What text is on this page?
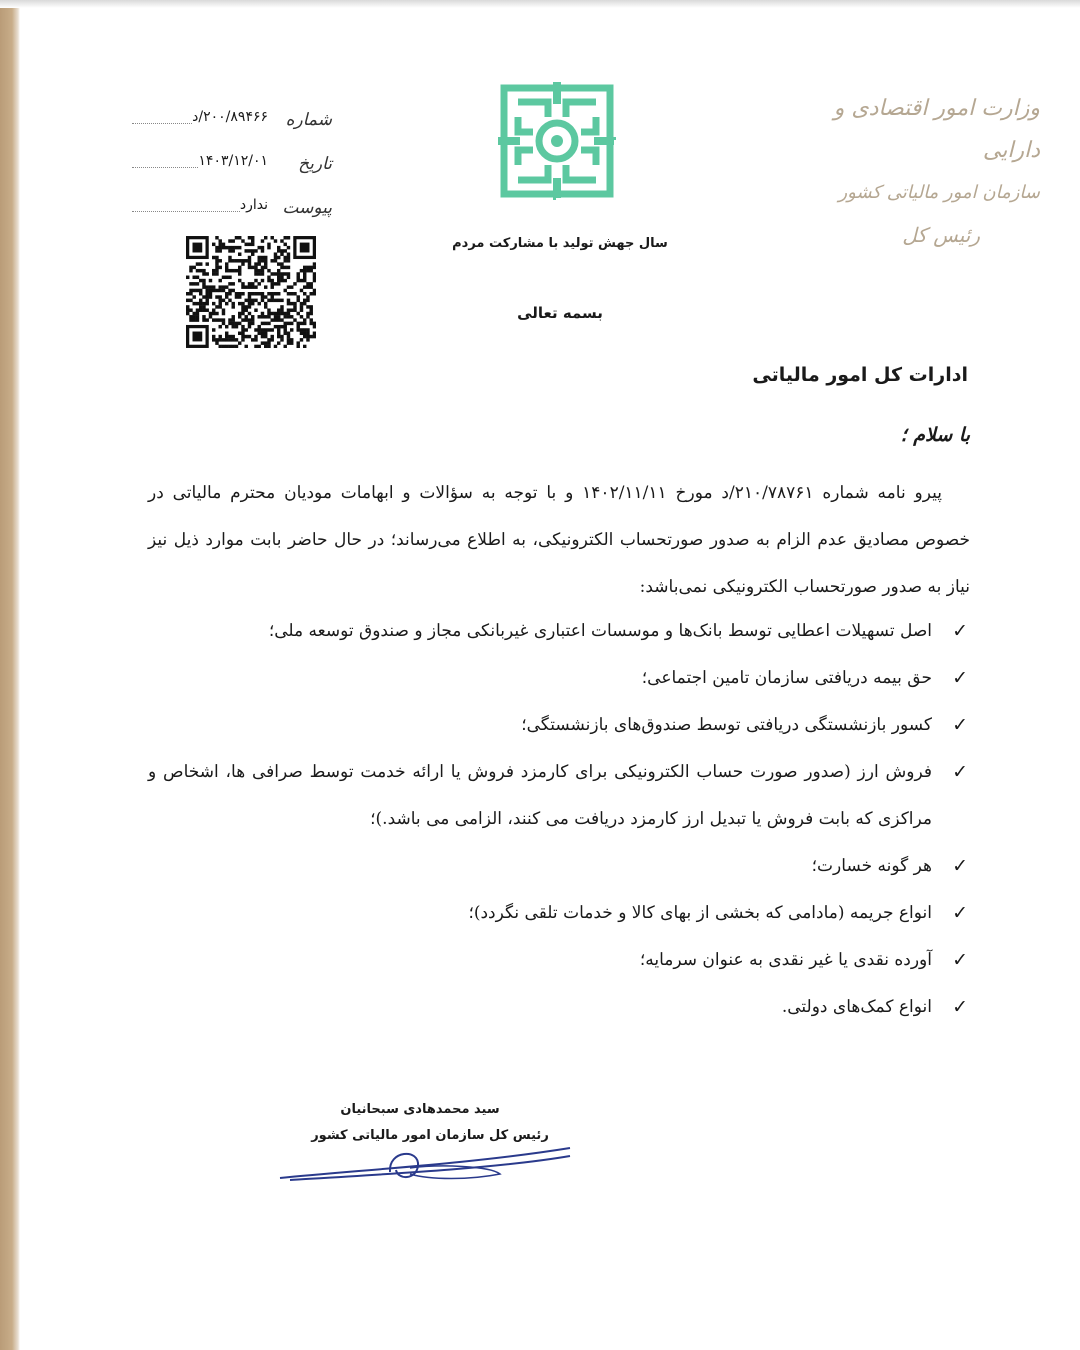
وزارت امور اقتصادی و دارایی
سازمان امور مالیاتی کشور
رئیس کل
سال جهش تولید با مشارکت مردم
بسمه تعالی
شماره
۲۰۰/۸۹۴۶۶/د
تاریخ
۱۴۰۳/۱۲/۰۱
پیوست
ندارد
ادارات کل امور مالیاتی
با سلام ؛
پیرو نامه شماره ۲۱۰/۷۸۷۶۱/د مورخ ۱۴۰۲/۱۱/۱۱ و با توجه به سؤالات و ابهامات مودیان محترم مالیاتی در خصوص مصادیق عدم الزام به صدور صورتحساب الکترونیکی، به اطلاع می‌رساند؛ در حال حاضر بابت موارد ذیل نیز نیاز به صدور صورتحساب الکترونیکی نمی‌باشد:
✓
اصل تسهیلات اعطایی توسط بانک‌ها و موسسات اعتباری غیربانکی مجاز و صندوق توسعه ملی؛
✓
حق بیمه دریافتی سازمان تامین اجتماعی؛
✓
کسور بازنشستگی دریافتی توسط صندوق‌های بازنشستگی؛
✓
فروش ارز (صدور صورت حساب الکترونیکی برای کارمزد فروش یا ارائه خدمت توسط صرافی ها، اشخاص و مراکزی که بابت فروش یا تبدیل ارز کارمزد دریافت می کنند، الزامی می باشد.)؛
✓
هر گونه خسارت؛
✓
انواع جریمه (مادامی که بخشی از بهای کالا و خدمات تلقی نگردد)؛
✓
آورده نقدی یا غیر نقدی به عنوان سرمایه؛
✓
انواع کمک‌های دولتی.
سید محمدهادی سبحانیان
رئیس کل سازمان امور مالیاتی کشور
